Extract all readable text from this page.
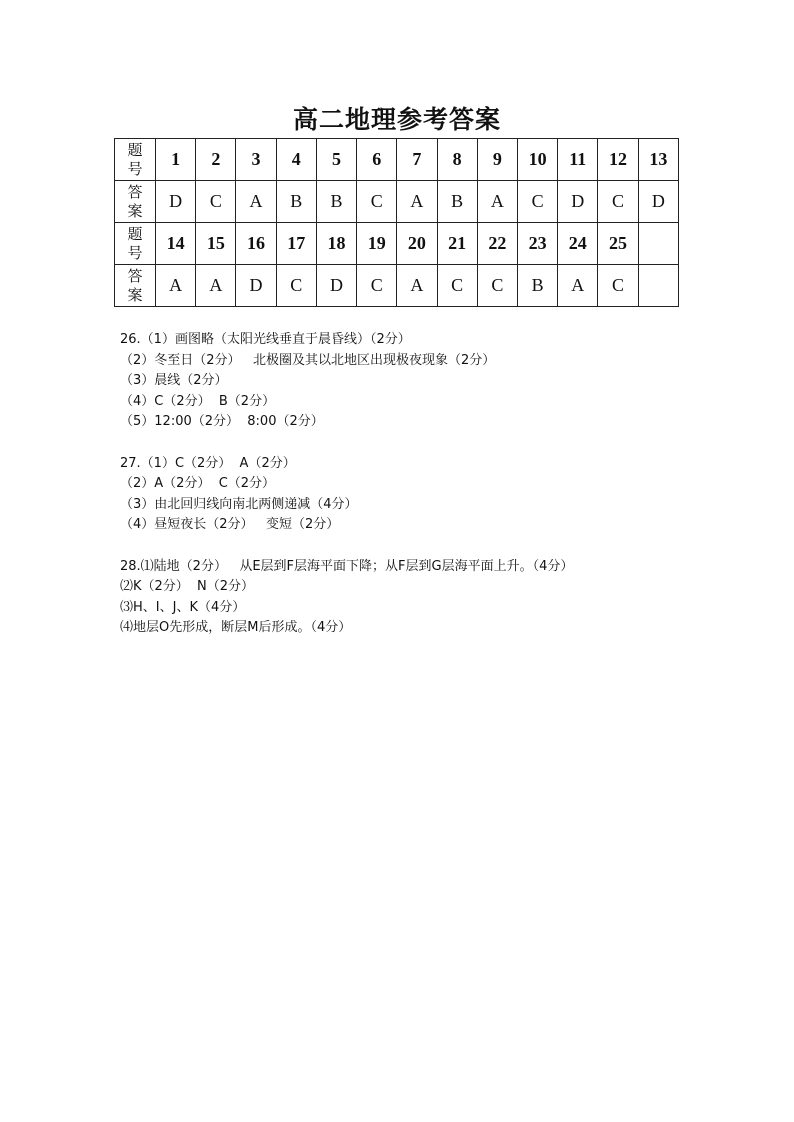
高二地理参考答案
题
号	1	2	3	4	5	6	7	8	9	10	11	12	13
答
案	D	C	A	B	B	C	A	B	A	C	D	C	D
题
号	14	15	16	17	18	19	20	21	22	23	24	25	
答
案	A	A	D	C	D	C	A	C	C	B	A	C	
26.（1）画图略（太阳光线垂直于晨昏线）（2分）
（2）冬至日（2分）   北极圈及其以北地区出现极夜现象（2分）
（3）晨线（2分）
（4）C（2分）  B（2分）
（5）12:00（2分）  8:00（2分）
27.（1）C（2分）  A（2分）
（2）A（2分）  C（2分）
（3）由北回归线向南北两侧递减（4分）
（4）昼短夜长（2分）   变短（2分）
28.⑴陆地（2分）   从E层到F层海平面下降；从F层到G层海平面上升。（4分）
⑵K（2分）  N（2分）
⑶H、I、J、K（4分）
⑷地层O先形成，断层M后形成。（4分）
